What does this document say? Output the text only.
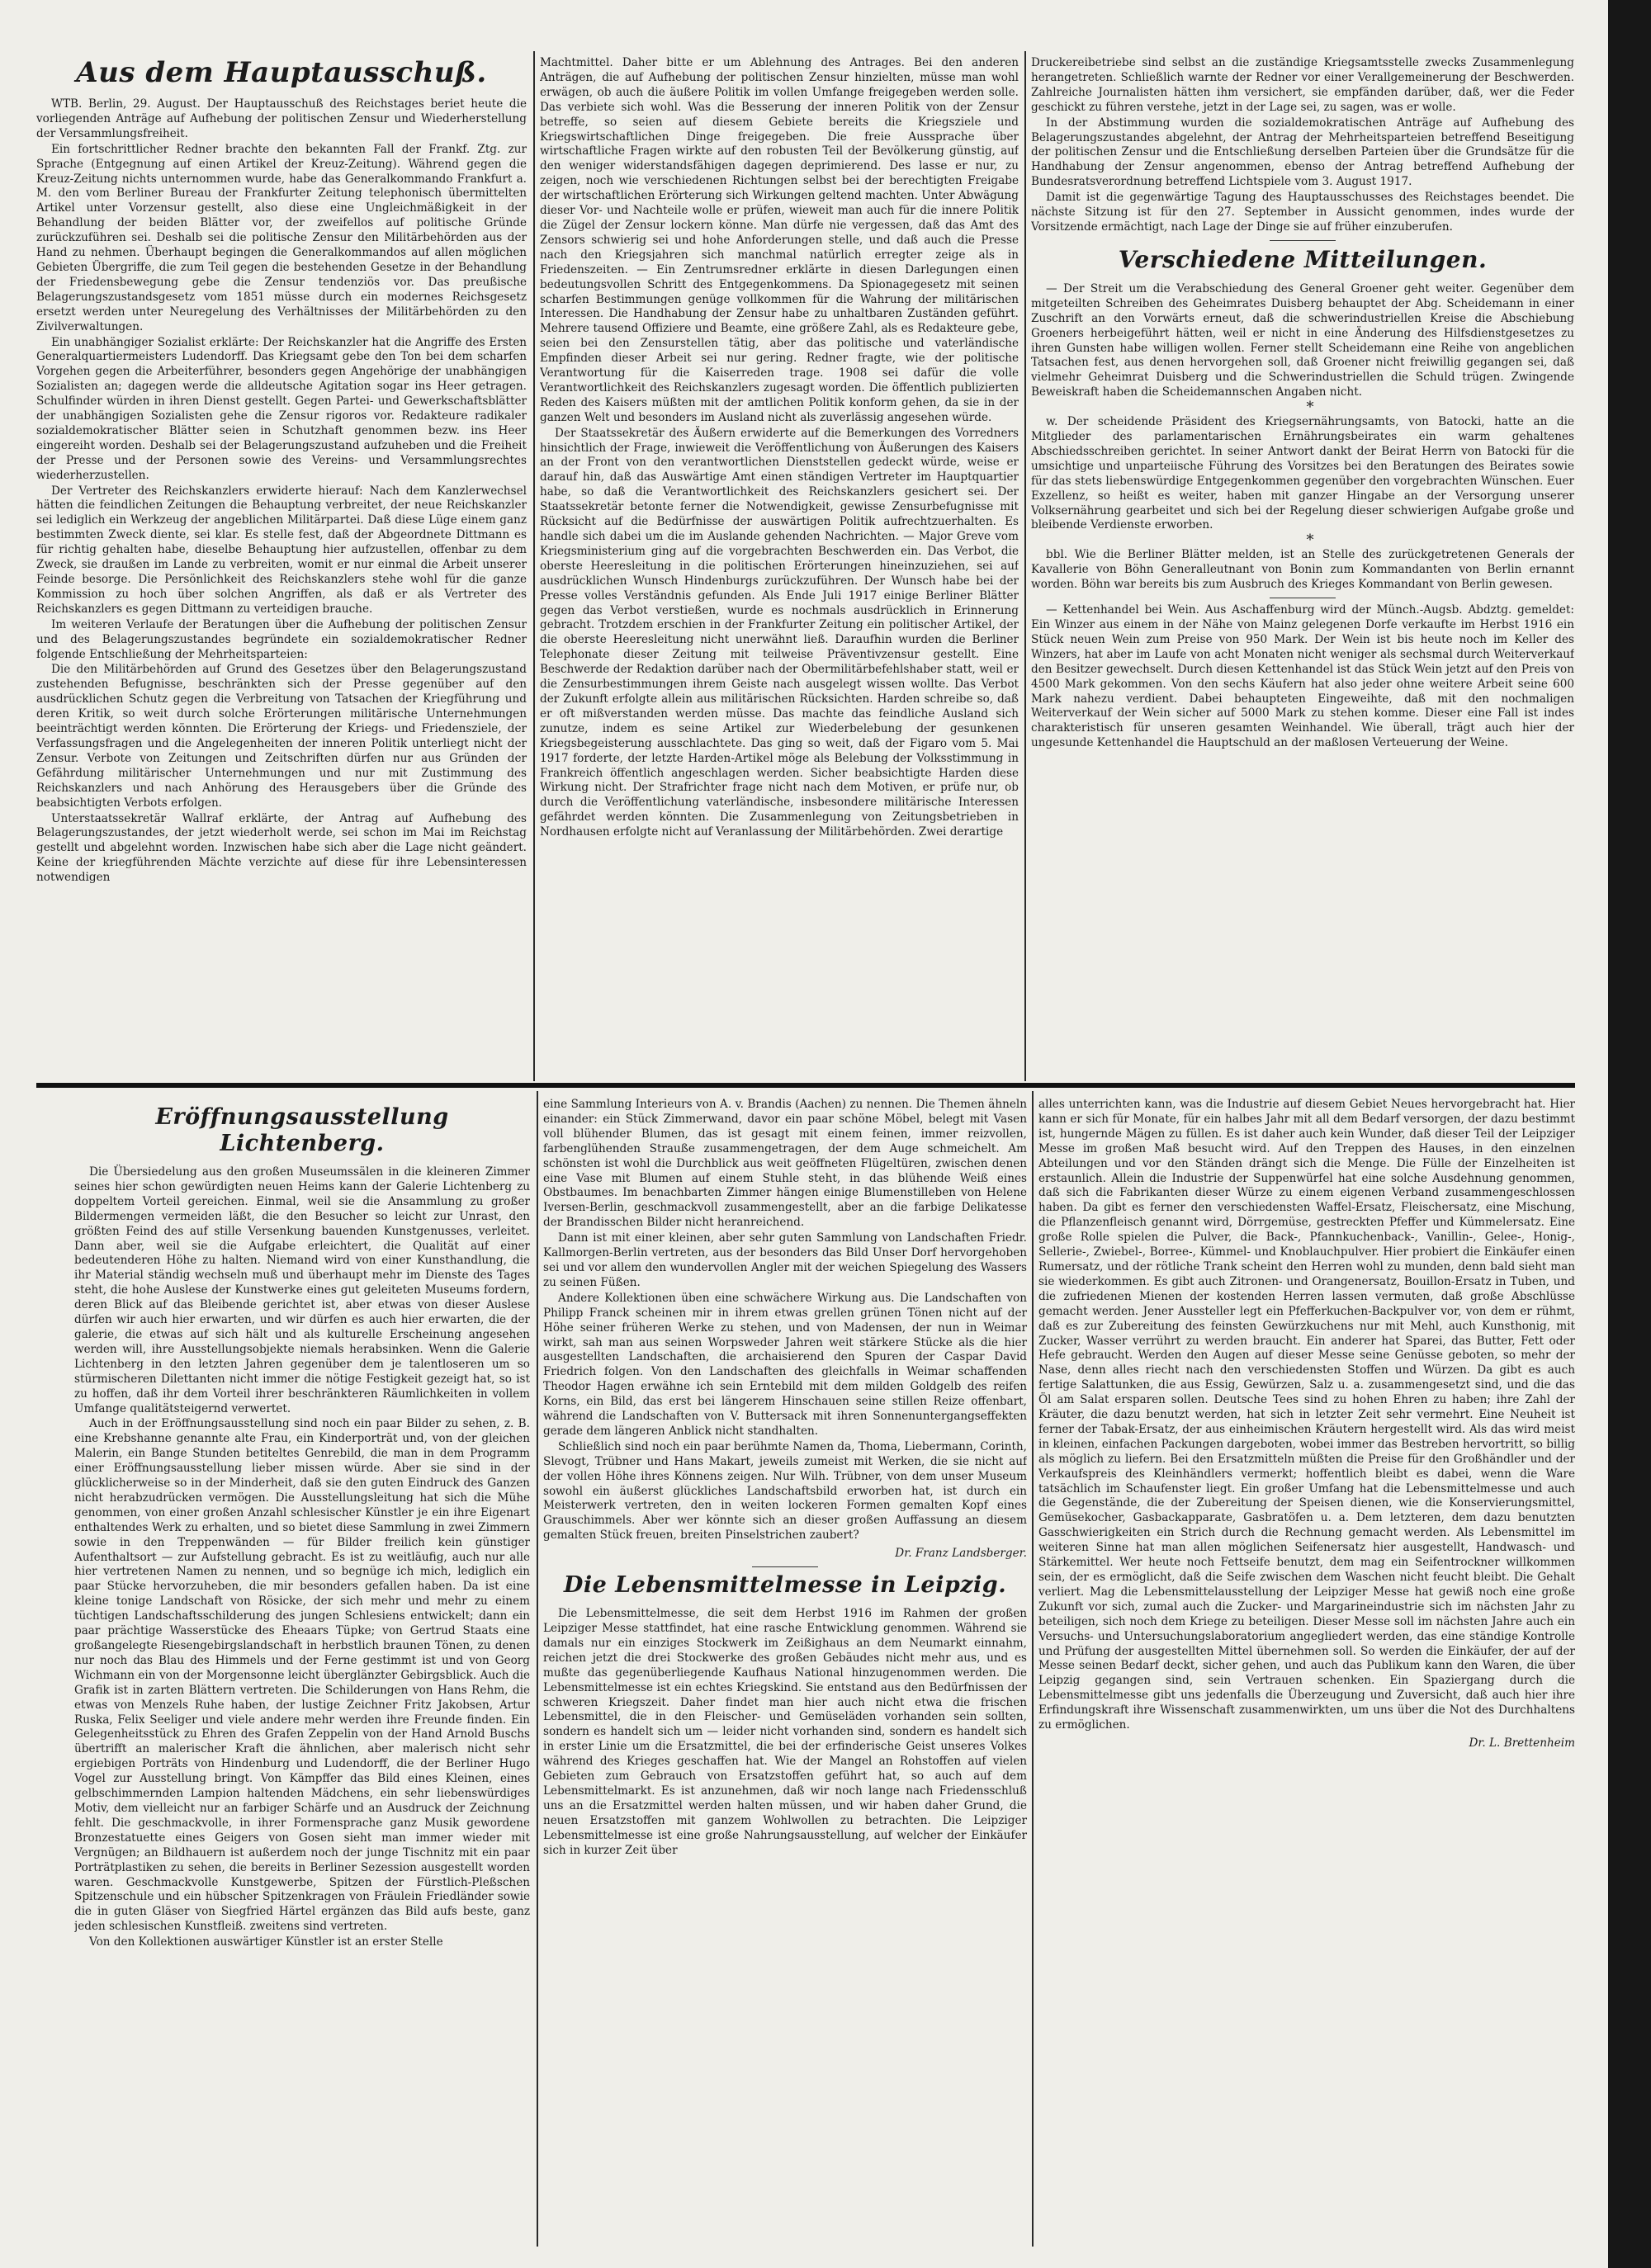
Aus dem Hauptausschuß.

WTB. Berlin, 29. August. Der Hauptausschuß des Reichstages beriet heute die vorliegenden Anträge auf Aufhebung der politischen Zensur und Wiederherstellung der Versammlungsfreiheit.

Ein fortschrittlicher Redner brachte den bekannten Fall der Frankf. Ztg. zur Sprache (Entgegnung auf einen Artikel der Kreuz-Zeitung). Während gegen die Kreuz-Zeitung nichts unternommen wurde, habe das Generalkommando Frankfurt a. M. den vom Berliner Bureau der Frankfurter Zeitung telephonisch übermittelten Artikel unter Vorzensur gestellt, also diese eine Ungleichmäßigkeit in der Behandlung der beiden Blätter vor, der zweifellos auf politische Gründe zurückzuführen sei. Deshalb sei die politische Zensur den Militärbehörden aus der Hand zu nehmen. Überhaupt begingen die Generalkommandos auf allen möglichen Gebieten Übergriffe, die zum Teil gegen die bestehenden Gesetze in der Behandlung der Friedensbewegung gebe die Zensur tendenziös vor. Das preußische Belagerungszustandsgesetz vom 1851 müsse durch ein modernes Reichsgesetz ersetzt werden unter Neuregelung des Verhältnisses der Militärbehörden zu den Zivilverwaltungen.

Ein unabhängiger Sozialist erklärte: Der Reichskanzler hat die Angriffe des Ersten Generalquartiermeisters Ludendorff. Das Kriegsamt gebe den Ton bei dem scharfen Vorgehen gegen die Arbeiterführer, besonders gegen Angehörige der unabhängigen Sozialisten an; dagegen werde die alldeutsche Agitation sogar ins Heer getragen. Schulfinder würden in ihren Dienst gestellt. Gegen Partei- und Gewerkschaftsblätter der unabhängigen Sozialisten gehe die Zensur rigoros vor. Redakteure radikaler sozialdemokratischer Blätter seien in Schutzhaft genommen bezw. ins Heer eingereiht worden. Deshalb sei der Belagerungszustand aufzuheben und die Freiheit der Presse und der Personen sowie des Vereins- und Versammlungsrechtes wiederherzustellen.

Der Vertreter des Reichskanzlers erwiderte hierauf: Nach dem Kanzlerwechsel hätten die feindlichen Zeitungen die Behauptung verbreitet, der neue Reichskanzler sei lediglich ein Werkzeug der angeblichen Militärpartei. Daß diese Lüge einem ganz bestimmten Zweck diente, sei klar. Es stelle fest, daß der Abgeordnete Dittmann es für richtig gehalten habe, dieselbe Behauptung hier aufzustellen, offenbar zu dem Zweck, sie draußen im Lande zu verbreiten, womit er nur einmal die Arbeit unserer Feinde besorge. Die Persönlichkeit des Reichskanzlers stehe wohl für die ganze Kommission zu hoch über solchen Angriffen, als daß er als Vertreter des Reichskanzlers es gegen Dittmann zu verteidigen brauche.

Im weiteren Verlaufe der Beratungen über die Aufhebung der politischen Zensur und des Belagerungszustandes begründete ein sozialdemokratischer Redner folgende Entschließung der Mehrheitsparteien:

Die den Militärbehörden auf Grund des Gesetzes über den Belagerungszustand zustehenden Befugnisse, beschränkten sich der Presse gegenüber auf den ausdrücklichen Schutz gegen die Verbreitung von Tatsachen der Kriegführung und deren Kritik, so weit durch solche Erörterungen militärische Unternehmungen beeinträchtigt werden könnten. Die Erörterung der Kriegs- und Friedensziele, der Verfassungsfragen und die Angelegenheiten der inneren Politik unterliegt nicht der Zensur. Verbote von Zeitungen und Zeitschriften dürfen nur aus Gründen der Gefährdung militärischer Unternehmungen und nur mit Zustimmung des Reichskanzlers und nach Anhörung des Herausgebers über die Gründe des beabsichtigten Verbots erfolgen.

Unterstaatssekretär Wallraf erklärte, der Antrag auf Aufhebung des Belagerungszustandes, der jetzt wiederholt werde, sei schon im Mai im Reichstag gestellt und abgelehnt worden. Inzwischen habe sich aber die Lage nicht geändert. Keine der kriegführenden Mächte verzichte auf diese für ihre Lebensinteressen notwendigen

Machtmittel. Daher bitte er um Ablehnung des Antrages. Bei den anderen Anträgen, die auf Aufhebung der politischen Zensur hinzielten, müsse man wohl erwägen, ob auch die äußere Politik im vollen Umfange freigegeben werden solle. Das verbiete sich wohl. Was die Besserung der inneren Politik von der Zensur betreffe, so seien auf diesem Gebiete bereits die Kriegsziele und Kriegswirtschaftlichen Dinge freigegeben. Die freie Aussprache über wirtschaftliche Fragen wirkte auf den robusten Teil der Bevölkerung günstig, auf den weniger widerstandsfähigen dagegen deprimierend. Des lasse er nur, zu zeigen, noch wie verschiedenen Richtungen selbst bei der berechtigten Freigabe der wirtschaftlichen Erörterung sich Wirkungen geltend machten. Unter Abwägung dieser Vor- und Nachteile wolle er prüfen, wieweit man auch für die innere Politik die Zügel der Zensur lockern könne. Man dürfe nie vergessen, daß das Amt des Zensors schwierig sei und hohe Anforderungen stelle, und daß auch die Presse nach den Kriegsjahren sich manchmal natürlich erregter zeige als in Friedenszeiten. — Ein Zentrumsredner erklärte in diesen Darlegungen einen bedeutungsvollen Schritt des Entgegenkommens. Da Spionagegesetz mit seinen scharfen Bestimmungen genüge vollkommen für die Wahrung der militärischen Interessen. Die Handhabung der Zensur habe zu unhaltbaren Zuständen geführt. Mehrere tausend Offiziere und Beamte, eine größere Zahl, als es Redakteure gebe, seien bei den Zensurstellen tätig, aber das politische und vaterländische Empfinden dieser Arbeit sei nur gering. Redner fragte, wie der politische Verantwortung für die Kaiserreden trage. 1908 sei dafür die volle Verantwortlichkeit des Reichskanzlers zugesagt worden. Die öffentlich publizierten Reden des Kaisers müßten mit der amtlichen Politik konform gehen, da sie in der ganzen Welt und besonders im Ausland nicht als zuverlässig angesehen würde.

Der Staatssekretär des Äußern erwiderte auf die Bemerkungen des Vorredners hinsichtlich der Frage, inwieweit die Veröffentlichung von Äußerungen des Kaisers an der Front von den verantwortlichen Dienststellen gedeckt würde, weise er darauf hin, daß das Auswärtige Amt einen ständigen Vertreter im Hauptquartier habe, so daß die Verantwortlichkeit des Reichskanzlers gesichert sei. Der Staatssekretär betonte ferner die Notwendigkeit, gewisse Zensurbefugnisse mit Rücksicht auf die Bedürfnisse der auswärtigen Politik aufrechtzuerhalten. Es handle sich dabei um die im Auslande gehenden Nachrichten. — Major Greve vom Kriegsministerium ging auf die vorgebrachten Beschwerden ein. Das Verbot, die oberste Heeresleitung in die politischen Erörterungen hineinzuziehen, sei auf ausdrücklichen Wunsch Hindenburgs zurückzuführen. Der Wunsch habe bei der Presse volles Verständnis gefunden. Als Ende Juli 1917 einige Berliner Blätter gegen das Verbot verstießen, wurde es nochmals ausdrücklich in Erinnerung gebracht. Trotzdem erschien in der Frankfurter Zeitung ein politischer Artikel, der die oberste Heeresleitung nicht unerwähnt ließ. Daraufhin wurden die Berliner Telephonate dieser Zeitung mit teilweise Präventivzensur gestellt. Eine Beschwerde der Redaktion darüber nach der Obermilitärbefehlshaber statt, weil er die Zensurbestimmungen ihrem Geiste nach ausgelegt wissen wollte. Das Verbot der Zukunft erfolgte allein aus militärischen Rücksichten. Harden schreibe so, daß er oft mißverstanden werden müsse. Das machte das feindliche Ausland sich zunutze, indem es seine Artikel zur Wiederbelebung der gesunkenen Kriegsbegeisterung ausschlachtete. Das ging so weit, daß der Figaro vom 5. Mai 1917 forderte, der letzte Harden-Artikel möge als Belebung der Volksstimmung in Frankreich öffentlich angeschlagen werden. Sicher beabsichtigte Harden diese Wirkung nicht. Der Strafrichter frage nicht nach dem Motiven, er prüfe nur, ob durch die Veröffentlichung vaterländische, insbesondere militärische Interessen gefährdet werden könnten. Die Zusammenlegung von Zeitungsbetrieben in Nordhausen erfolgte nicht auf Veranlassung der Militärbehörden. Zwei derartige

Druckereibetriebe sind selbst an die zuständige Kriegsamtsstelle zwecks Zusammenlegung herangetreten. Schließlich warnte der Redner vor einer Verallgemeinerung der Beschwerden. Zahlreiche Journalisten hätten ihm versichert, sie empfänden darüber, daß, wer die Feder geschickt zu führen verstehe, jetzt in der Lage sei, zu sagen, was er wolle.

In der Abstimmung wurden die sozialdemokratischen Anträge auf Aufhebung des Belagerungszustandes abgelehnt, der Antrag der Mehrheitsparteien betreffend Beseitigung der politischen Zensur und die Entschließung derselben Parteien über die Grundsätze für die Handhabung der Zensur angenommen, ebenso der Antrag betreffend Aufhebung der Bundesratsverordnung betreffend Lichtspiele vom 3. August 1917.

Damit ist die gegenwärtige Tagung des Hauptausschusses des Reichstages beendet. Die nächste Sitzung ist für den 27. September in Aussicht genommen, indes wurde der Vorsitzende ermächtigt, nach Lage der Dinge sie auf früher einzuberufen.

Verschiedene Mitteilungen.

— Der Streit um die Verabschiedung des General Groener geht weiter. Gegenüber dem mitgeteilten Schreiben des Geheimrates Duisberg behauptet der Abg. Scheidemann in einer Zuschrift an den Vorwärts erneut, daß die schwerindustriellen Kreise die Abschiebung Groeners herbeigeführt hätten, weil er nicht in eine Änderung des Hilfsdienstgesetzes zu ihren Gunsten habe willigen wollen. Ferner stellt Scheidemann eine Reihe von angeblichen Tatsachen fest, aus denen hervorgehen soll, daß Groener nicht freiwillig gegangen sei, daß vielmehr Geheimrat Duisberg und die Schwerindustriellen die Schuld trügen. Zwingende Beweiskraft haben die Scheidemannschen Angaben nicht.

*

w. Der scheidende Präsident des Kriegsernährungsamts, von Batocki, hatte an die Mitglieder des parlamentarischen Ernährungsbeirates ein warm gehaltenes Abschiedsschreiben gerichtet. In seiner Antwort dankt der Beirat Herrn von Batocki für die umsichtige und unparteiische Führung des Vorsitzes bei den Beratungen des Beirates sowie für das stets liebenswürdige Entgegenkommen gegenüber den vorgebrachten Wünschen. Euer Exzellenz, so heißt es weiter, haben mit ganzer Hingabe an der Versorgung unserer Volksernährung gearbeitet und sich bei der Regelung dieser schwierigen Aufgabe große und bleibende Verdienste erworben.

*

bbl. Wie die Berliner Blätter melden, ist an Stelle des zurückgetretenen Generals der Kavallerie von Böhn Generalleutnant von Bonin zum Kommandanten von Berlin ernannt worden. Böhn war bereits bis zum Ausbruch des Krieges Kommandant von Berlin gewesen.

— Kettenhandel bei Wein. Aus Aschaffenburg wird der Münch.-Augsb. Abdztg. gemeldet: Ein Winzer aus einem in der Nähe von Mainz gelegenen Dorfe verkaufte im Herbst 1916 ein Stück neuen Wein zum Preise von 950 Mark. Der Wein ist bis heute noch im Keller des Winzers, hat aber im Laufe von acht Monaten nicht weniger als sechsmal durch Weiterverkauf den Besitzer gewechselt. Durch diesen Kettenhandel ist das Stück Wein jetzt auf den Preis von 4500 Mark gekommen. Von den sechs Käufern hat also jeder ohne weitere Arbeit seine 600 Mark nahezu verdient. Dabei behaupteten Eingeweihte, daß mit den nochmaligen Weiterverkauf der Wein sicher auf 5000 Mark zu stehen komme. Dieser eine Fall ist indes charakteristisch für unseren gesamten Weinhandel. Wie überall, trägt auch hier der ungesunde Kettenhandel die Hauptschuld an der maßlosen Verteuerung der Weine.

Eröffnungsausstellung Lichtenberg.

Die Übersiedelung aus den großen Museumssälen in die kleineren Zimmer seines hier schon gewürdigten neuen Heims kann der Galerie Lichtenberg zu doppeltem Vorteil gereichen. Einmal, weil sie die Ansammlung zu großer Bildermengen vermeiden läßt, die den Besucher so leicht zur Unrast, den größten Feind des auf stille Versenkung bauenden Kunstgenusses, verleitet. Dann aber, weil sie die Aufgabe erleichtert, die Qualität auf einer bedeutenderen Höhe zu halten. Niemand wird von einer Kunsthandlung, die ihr Material ständig wechseln muß und überhaupt mehr im Dienste des Tages steht, die hohe Auslese der Kunstwerke eines gut geleiteten Museums fordern, deren Blick auf das Bleibende gerichtet ist, aber etwas von dieser Auslese dürfen wir auch hier erwarten, und wir dürfen es auch hier erwarten, die der galerie, die etwas auf sich hält und als kulturelle Erscheinung angesehen werden will, ihre Ausstellungsobjekte niemals herabsinken. Wenn die Galerie Lichtenberg in den letzten Jahren gegenüber dem je talentloseren um so stürmischeren Dilettanten nicht immer die nötige Festigkeit gezeigt hat, so ist zu hoffen, daß ihr dem Vorteil ihrer beschränkteren Räumlichkeiten in vollem Umfange qualitätsteigernd verwertet.

Auch in der Eröffnungsausstellung sind noch ein paar Bilder zu sehen, z. B. eine Krebshanne genannte alte Frau, ein Kinderporträt und, von der gleichen Malerin, ein Bange Stunden betiteltes Genrebild, die man in dem Programm einer Eröffnungsausstellung lieber missen würde. Aber sie sind in der glücklicherweise so in der Minderheit, daß sie den guten Eindruck des Ganzen nicht herabzudrücken vermögen. Die Ausstellungsleitung hat sich die Mühe genommen, von einer großen Anzahl schlesischer Künstler je ein ihre Eigenart enthaltendes Werk zu erhalten, und so bietet diese Sammlung in zwei Zimmern sowie in den Treppenwänden — für Bilder freilich kein günstiger Aufenthaltsort — zur Aufstellung gebracht. Es ist zu weitläufig, auch nur alle hier vertretenen Namen zu nennen, und so begnüge ich mich, lediglich ein paar Stücke hervorzuheben, die mir besonders gefallen haben. Da ist eine kleine tonige Landschaft von Rösicke, der sich mehr und mehr zu einem tüchtigen Landschaftsschilderung des jungen Schlesiens entwickelt; dann ein paar prächtige Wasserstücke des Eheaars Tüpke; von Gertrud Staats eine großangelegte Riesengebirgslandschaft in herbstlich braunen Tönen, zu denen nur noch das Blau des Himmels und der Ferne gestimmt ist und von Georg Wichmann ein von der Morgensonne leicht überglänzter Gebirgsblick. Auch die Grafik ist in zarten Blättern vertreten. Die Schilderungen von Hans Rehm, die etwas von Menzels Ruhe haben, der lustige Zeichner Fritz Jakobsen, Artur Ruska, Felix Seeliger und viele andere mehr werden ihre Freunde finden. Ein Gelegenheitsstück zu Ehren des Grafen Zeppelin von der Hand Arnold Buschs übertrifft an malerischer Kraft die ähnlichen, aber malerisch nicht sehr ergiebigen Porträts von Hindenburg und Ludendorff, die der Berliner Hugo Vogel zur Ausstellung bringt. Von Kämpffer das Bild eines Kleinen, eines gelbschimmernden Lampion haltenden Mädchens, ein sehr liebenswürdiges Motiv, dem vielleicht nur an farbiger Schärfe und an Ausdruck der Zeichnung fehlt. Die geschmackvolle, in ihrer Formensprache ganz Musik gewordene Bronzestatuette eines Geigers von Gosen sieht man immer wieder mit Vergnügen; an Bildhauern ist außerdem noch der junge Tischnitz mit ein paar Porträtplastiken zu sehen, die bereits in Berliner Sezession ausgestellt worden waren. Geschmackvolle Kunstgewerbe, Spitzen der Fürstlich-Pleßschen Spitzenschule und ein hübscher Spitzenkragen von Fräulein Friedländer sowie die in guten Gläser von Siegfried Härtel ergänzen das Bild aufs beste, ganz jeden schlesischen Kunstfleiß. zweitens sind vertreten.

Von den Kollektionen auswärtiger Künstler ist an erster Stelle

eine Sammlung Interieurs von A. v. Brandis (Aachen) zu nennen. Die Themen ähneln einander: ein Stück Zimmerwand, davor ein paar schöne Möbel, belegt mit Vasen voll blühender Blumen, das ist gesagt mit einem feinen, immer reizvollen, farbenglühenden Strauße zusammengetragen, der dem Auge schmeichelt. Am schönsten ist wohl die Durchblick aus weit geöffneten Flügeltüren, zwischen denen eine Vase mit Blumen auf einem Stuhle steht, in das blühende Weiß eines Obstbaumes. Im benachbarten Zimmer hängen einige Blumenstilleben von Helene Iversen-Berlin, geschmackvoll zusammengestellt, aber an die farbige Delikatesse der Brandisschen Bilder nicht heranreichend.

Dann ist mit einer kleinen, aber sehr guten Sammlung von Landschaften Friedr. Kallmorgen-Berlin vertreten, aus der besonders das Bild Unser Dorf hervorgehoben sei und vor allem den wundervollen Angler mit der weichen Spiegelung des Wassers zu seinen Füßen.

Andere Kollektionen üben eine schwächere Wirkung aus. Die Landschaften von Philipp Franck scheinen mir in ihrem etwas grellen grünen Tönen nicht auf der Höhe seiner früheren Werke zu stehen, und von Madensen, der nun in Weimar wirkt, sah man aus seinen Worpsweder Jahren weit stärkere Stücke als die hier ausgestellten Landschaften, die archaisierend den Spuren der Caspar David Friedrich folgen. Von den Landschaften des gleichfalls in Weimar schaffenden Theodor Hagen erwähne ich sein Erntebild mit dem milden Goldgelb des reifen Korns, ein Bild, das erst bei längerem Hinschauen seine stillen Reize offenbart, während die Landschaften von V. Buttersack mit ihren Sonnenuntergangseffekten gerade dem längeren Anblick nicht standhalten.

Schließlich sind noch ein paar berühmte Namen da, Thoma, Liebermann, Corinth, Slevogt, Trübner und Hans Makart, jeweils zumeist mit Werken, die sie nicht auf der vollen Höhe ihres Könnens zeigen. Nur Wilh. Trübner, von dem unser Museum sowohl ein äußerst glückliches Landschaftsbild erworben hat, ist durch ein Meisterwerk vertreten, den in weiten lockeren Formen gemalten Kopf eines Grauschimmels. Aber wer könnte sich an dieser großen Auffassung an diesem gemalten Stück freuen, breiten Pinselstrichen zaubert?

Dr. Franz Landsberger.
Die Lebensmittelmesse in Leipzig.

Die Lebensmittelmesse, die seit dem Herbst 1916 im Rahmen der großen Leipziger Messe stattfindet, hat eine rasche Entwicklung genommen. Während sie damals nur ein einziges Stockwerk im Zeißighaus an dem Neumarkt einnahm, reichen jetzt die drei Stockwerke des großen Gebäudes nicht mehr aus, und es mußte das gegenüberliegende Kaufhaus National hinzugenommen werden. Die Lebensmittelmesse ist ein echtes Kriegskind. Sie entstand aus den Bedürfnissen der schweren Kriegszeit. Daher findet man hier auch nicht etwa die frischen Lebensmittel, die in den Fleischer- und Gemüseläden vorhanden sein sollten, sondern es handelt sich um — leider nicht vorhanden sind, sondern es handelt sich in erster Linie um die Ersatzmittel, die bei der erfinderische Geist unseres Volkes während des Krieges geschaffen hat. Wie der Mangel an Rohstoffen auf vielen Gebieten zum Gebrauch von Ersatzstoffen geführt hat, so auch auf dem Lebensmittelmarkt. Es ist anzunehmen, daß wir noch lange nach Friedensschluß uns an die Ersatzmittel werden halten müssen, und wir haben daher Grund, die neuen Ersatzstoffen mit ganzem Wohlwollen zu betrachten. Die Leipziger Lebensmittelmesse ist eine große Nahrungsausstellung, auf welcher der Einkäufer sich in kurzer Zeit über

alles unterrichten kann, was die Industrie auf diesem Gebiet Neues hervorgebracht hat. Hier kann er sich für Monate, für ein halbes Jahr mit all dem Bedarf versorgen, der dazu bestimmt ist, hungernde Mägen zu füllen. Es ist daher auch kein Wunder, daß dieser Teil der Leipziger Messe im großen Maß besucht wird. Auf den Treppen des Hauses, in den einzelnen Abteilungen und vor den Ständen drängt sich die Menge. Die Fülle der Einzelheiten ist erstaunlich. Allein die Industrie der Suppenwürfel hat eine solche Ausdehnung genommen, daß sich die Fabrikanten dieser Würze zu einem eigenen Verband zusammengeschlossen haben. Da gibt es ferner den verschiedensten Waffel-Ersatz, Fleischersatz, eine Mischung, die Pflanzenfleisch genannt wird, Dörrgemüse, gestreckten Pfeffer und Kümmelersatz. Eine große Rolle spielen die Pulver, die Back-, Pfannkuchenback-, Vanillin-, Gelee-, Honig-, Sellerie-, Zwiebel-, Borree-, Kümmel- und Knoblauchpulver. Hier probiert die Einkäufer einen Rumersatz, und der rötliche Trank scheint den Herren wohl zu munden, denn bald sieht man sie wiederkommen. Es gibt auch Zitronen- und Orangenersatz, Bouillon-Ersatz in Tuben, und die zufriedenen Mienen der kostenden Herren lassen vermuten, daß große Abschlüsse gemacht werden. Jener Aussteller legt ein Pfefferkuchen-Backpulver vor, von dem er rühmt, daß es zur Zubereitung des feinsten Gewürzkuchens nur mit Mehl, auch Kunsthonig, mit Zucker, Wasser verrührt zu werden braucht. Ein anderer hat Sparei, das Butter, Fett oder Hefe gebraucht. Werden den Augen auf dieser Messe seine Genüsse geboten, so mehr der Nase, denn alles riecht nach den verschiedensten Stoffen und Würzen. Da gibt es auch fertige Salattunken, die aus Essig, Gewürzen, Salz u. a. zusammengesetzt sind, und die das Öl am Salat ersparen sollen. Deutsche Tees sind zu hohen Ehren zu haben; ihre Zahl der Kräuter, die dazu benutzt werden, hat sich in letzter Zeit sehr vermehrt. Eine Neuheit ist ferner der Tabak-Ersatz, der aus einheimischen Kräutern hergestellt wird. Als das wird meist in kleinen, einfachen Packungen dargeboten, wobei immer das Bestreben hervortritt, so billig als möglich zu liefern. Bei den Ersatzmitteln müßten die Preise für den Großhändler und der Verkaufspreis des Kleinhändlers vermerkt; hoffentlich bleibt es dabei, wenn die Ware tatsächlich im Schaufenster liegt. Ein großer Umfang hat die Lebensmittelmesse und auch die Gegenstände, die der Zubereitung der Speisen dienen, wie die Konservierungsmittel, Gemüsekocher, Gasbackapparate, Gasbratöfen u. a. Dem letzteren, dem dazu benutzten Gasschwierigkeiten ein Strich durch die Rechnung gemacht werden. Als Lebensmittel im weiteren Sinne hat man allen möglichen Seifenersatz hier ausgestellt, Handwasch- und Stärkemittel. Wer heute noch Fettseife benutzt, dem mag ein Seifentrockner willkommen sein, der es ermöglicht, daß die Seife zwischen dem Waschen nicht feucht bleibt. Die Gehalt verliert. Mag die Lebensmittelausstellung der Leipziger Messe hat gewiß noch eine große Zukunft vor sich, zumal auch die Zucker- und Margarineindustrie sich im nächsten Jahr zu beteiligen, sich noch dem Kriege zu beteiligen. Dieser Messe soll im nächsten Jahre auch ein Versuchs- und Untersuchungslaboratorium angegliedert werden, das eine ständige Kontrolle und Prüfung der ausgestellten Mittel übernehmen soll. So werden die Einkäufer, der auf der Messe seinen Bedarf deckt, sicher gehen, und auch das Publikum kann den Waren, die über Leipzig gegangen sind, sein Vertrauen schenken. Ein Spaziergang durch die Lebensmittelmesse gibt uns jedenfalls die Überzeugung und Zuversicht, daß auch hier ihre Erfindungskraft ihre Wissenschaft zusammenwirkten, um uns über die Not des Durchhaltens zu ermöglichen.

Dr. L. Brettenheim
